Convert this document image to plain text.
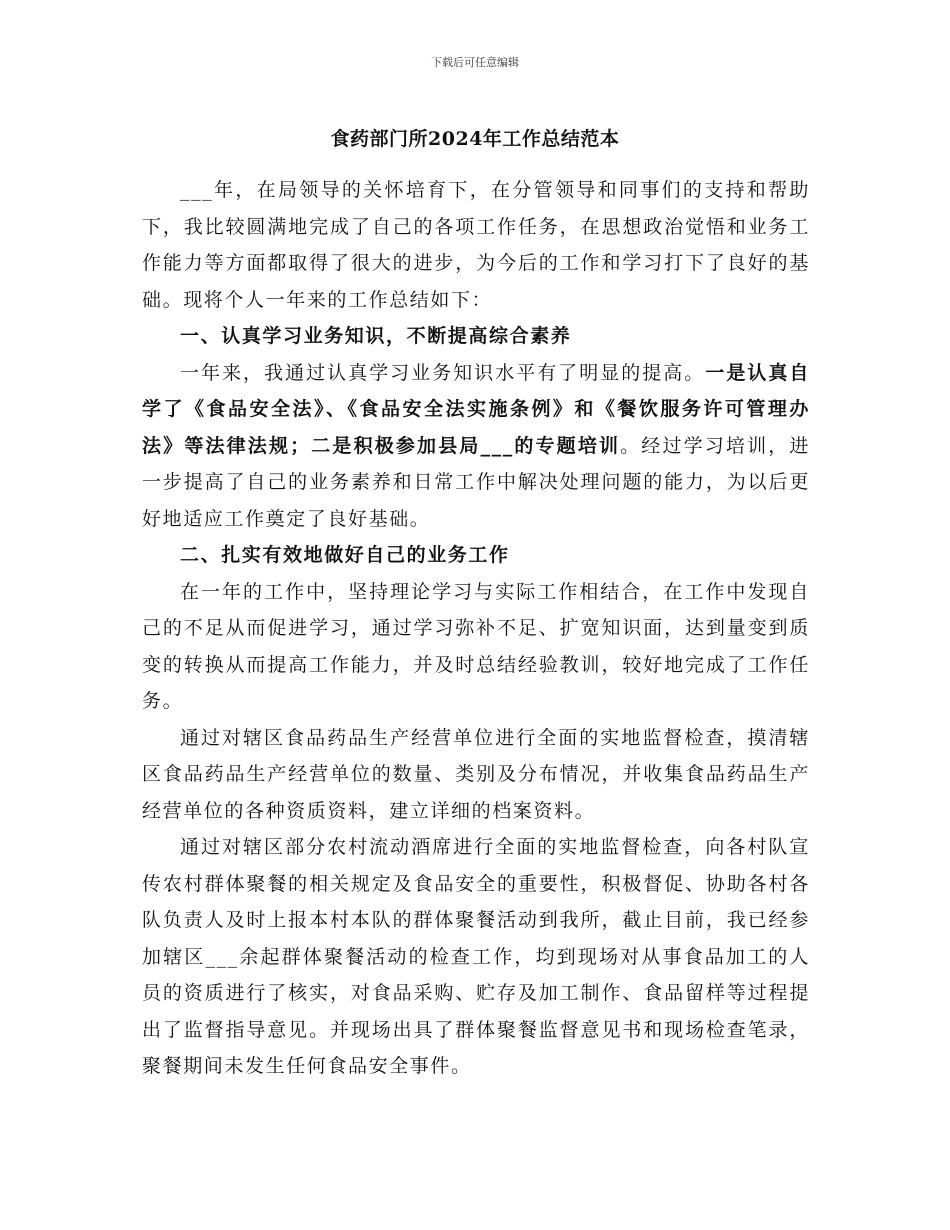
下载后可任意编辑
食药部门所2024年工作总结范本

___年，在局领导的关怀培育下，在分管领导和同事们的支持和帮助下，我比较圆满地完成了自己的各项工作任务，在思想政治觉悟和业务工作能力等方面都取得了很大的进步，为今后的工作和学习打下了良好的基础。现将个人一年来的工作总结如下：

一、认真学习业务知识，不断提高综合素养

一年来，我通过认真学习业务知识水平有了明显的提高。一是认真自学了《食品安全法》、《食品安全法实施条例》和《餐饮服务许可管理办法》等法律法规；二是积极参加县局___的专题培训。经过学习培训，进一步提高了自己的业务素养和日常工作中解决处理问题的能力，为以后更好地适应工作奠定了良好基础。

二、扎实有效地做好自己的业务工作

在一年的工作中，坚持理论学习与实际工作相结合，在工作中发现自己的不足从而促进学习，通过学习弥补不足、扩宽知识面，达到量变到质变的转换从而提高工作能力，并及时总结经验教训，较好地完成了工作任务。

通过对辖区食品药品生产经营单位进行全面的实地监督检查，摸清辖区食品药品生产经营单位的数量、类别及分布情况，并收集食品药品生产经营单位的各种资质资料，建立详细的档案资料。

通过对辖区部分农村流动酒席进行全面的实地监督检查，向各村队宣传农村群体聚餐的相关规定及食品安全的重要性，积极督促、协助各村各队负责人及时上报本村本队的群体聚餐活动到我所，截止目前，我已经参加辖区___余起群体聚餐活动的检查工作，均到现场对从事食品加工的人员的资质进行了核实，对食品采购、贮存及加工制作、食品留样等过程提出了监督指导意见。并现场出具了群体聚餐监督意见书和现场检查笔录，聚餐期间未发生任何食品安全事件。
